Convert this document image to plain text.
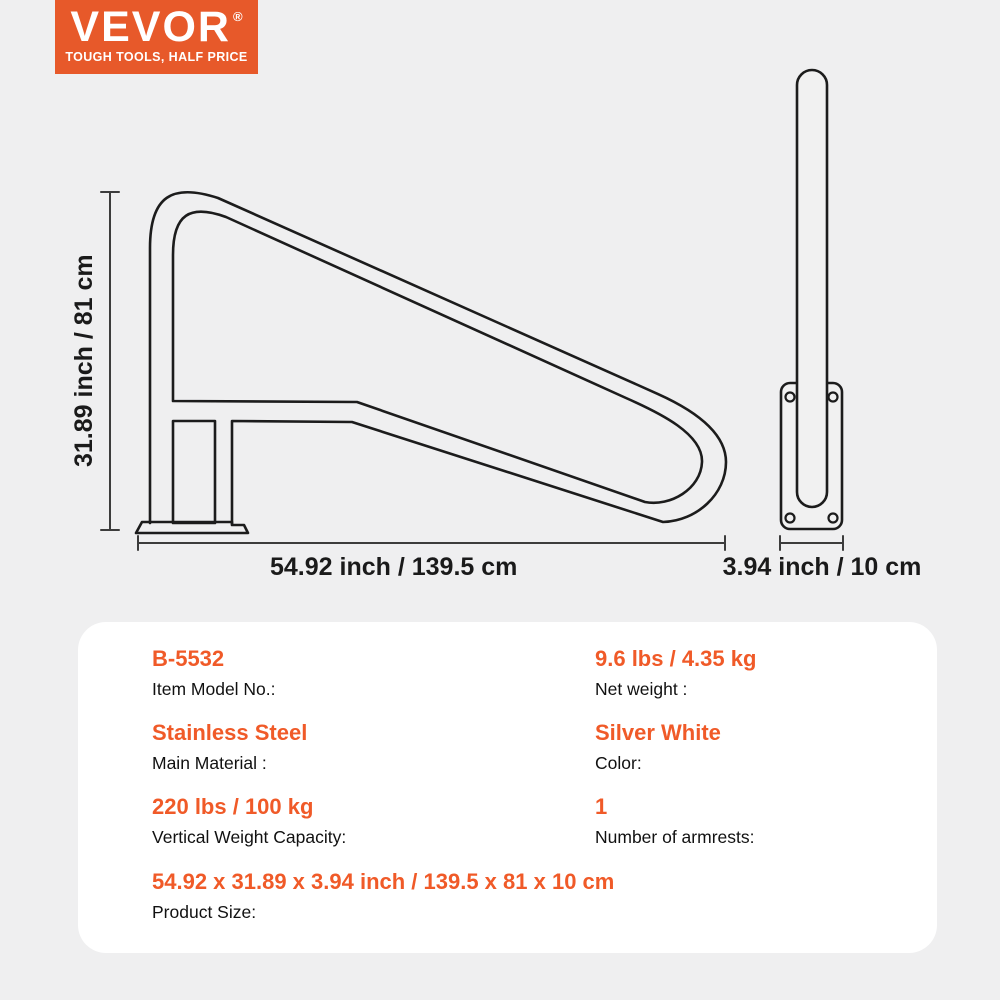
VEVOR ®
TOUGH TOOLS, HALF PRICE
31.89 inch / 81 cm
54.92 inch / 139.5 cm	3.94 inch / 10 cm
B-5532
Item Model No.:
9.6 lbs / 4.35 kg
Net weight :
Stainless Steel
Main Material :
Silver White
Color:
220 lbs / 100 kg
Vertical Weight Capacity:
1
Number of armrests:
54.92 x 31.89 x 3.94 inch / 139.5 x 81 x 10 cm
Product Size:
